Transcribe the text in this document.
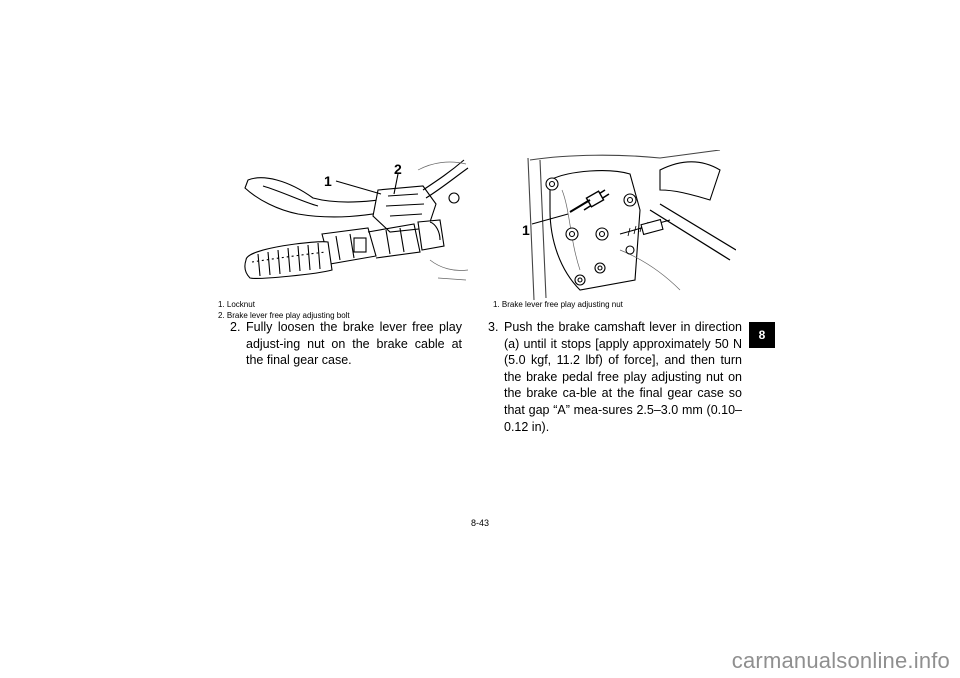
1
2
1. Locknut
2. Brake lever free play adjusting bolt
1
1. Brake lever free play adjusting nut
2. Fully loosen the brake lever free play adjust-ing nut on the brake cable at the final gear case.
3. Push the brake camshaft lever in direction (a) until it stops [apply approximately 50 N (5.0 kgf, 11.2 lbf) of force], and then turn the brake pedal free play adjusting nut on the brake ca-ble at the final gear case so that gap “A” mea-sures 2.5–3.0 mm (0.10–0.12 in).
8
8-43
carmanualsonline.info
